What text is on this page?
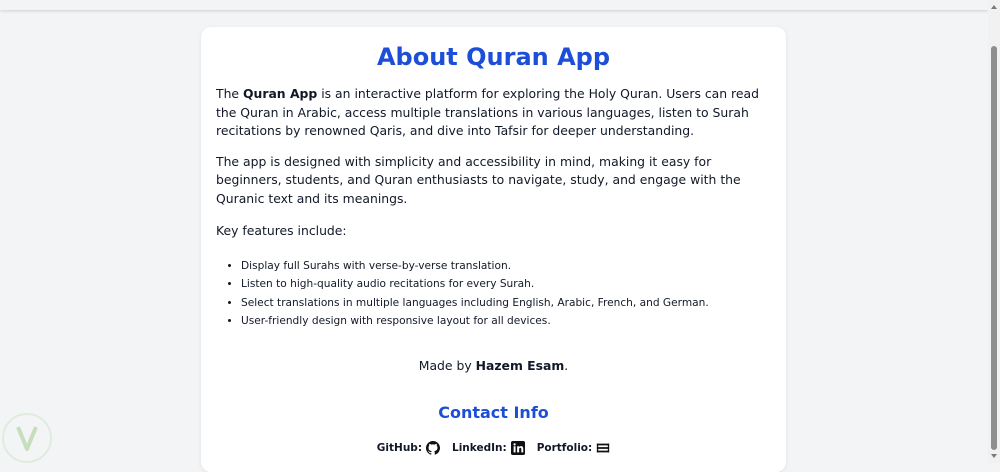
About Quran App

The Quran App is an interactive platform for exploring the Holy Quran. Users can read the Quran in Arabic, access multiple translations in various languages, listen to Surah recitations by renowned Qaris, and dive into Tafsir for deeper understanding.

The app is designed with simplicity and accessibility in mind, making it easy for beginners, students, and Quran enthusiasts to navigate, study, and engage with the Quranic text and its meanings.

Key features include:

• Display full Surahs with verse-by-verse translation.
• Listen to high-quality audio recitations for every Surah.
• Select translations in multiple languages including English, Arabic, French, and German.
• User-friendly design with responsive layout for all devices.

Made by Hazem Esam.

Contact Info
GitHub:	LinkedIn:	Portfolio:
